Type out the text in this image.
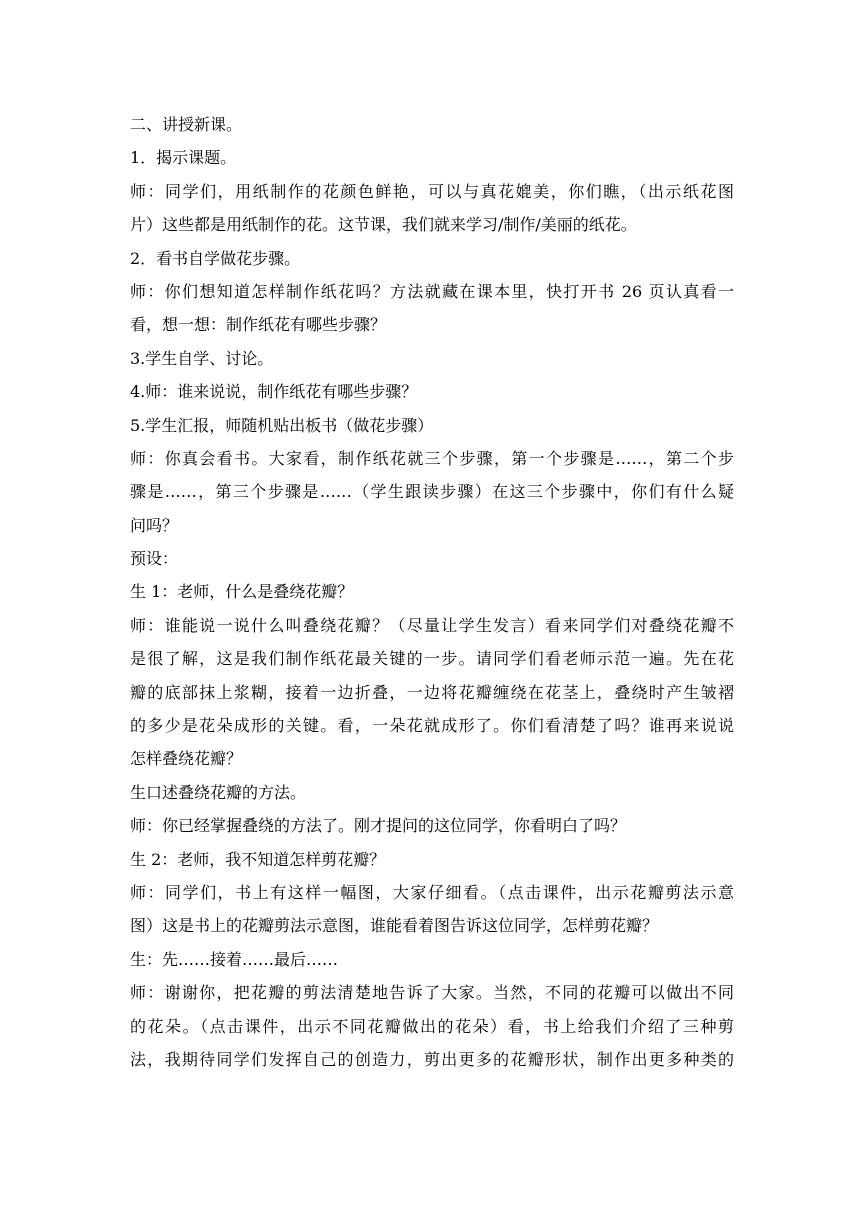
二、讲授新课。
1．揭示课题。
师：同学们，用纸制作的花颜色鲜艳，可以与真花媲美，你们瞧，（出示纸花图
片）这些都是用纸制作的花。这节课，我们就来学习/制作/美丽的纸花。
2．看书自学做花步骤。
师：你们想知道怎样制作纸花吗？方法就藏在课本里，快打开书 26 页认真看一
看，想一想：制作纸花有哪些步骤？
3.学生自学、讨论。
4.师：谁来说说，制作纸花有哪些步骤？
5.学生汇报，师随机贴出板书（做花步骤）
师：你真会看书。大家看，制作纸花就三个步骤，第一个步骤是……，第二个步
骤是……，第三个步骤是……（学生跟读步骤）在这三个步骤中，你们有什么疑
问吗？
预设：
生 1：老师，什么是叠绕花瓣？
师：谁能说一说什么叫叠绕花瓣？（尽量让学生发言）看来同学们对叠绕花瓣不
是很了解，这是我们制作纸花最关键的一步。请同学们看老师示范一遍。先在花
瓣的底部抹上浆糊，接着一边折叠，一边将花瓣缠绕在花茎上，叠绕时产生皱褶
的多少是花朵成形的关键。看，一朵花就成形了。你们看清楚了吗？谁再来说说
怎样叠绕花瓣？
生口述叠绕花瓣的方法。
师：你已经掌握叠绕的方法了。刚才提问的这位同学，你看明白了吗？
生 2：老师，我不知道怎样剪花瓣？
师：同学们，书上有这样一幅图，大家仔细看。（点击课件，出示花瓣剪法示意
图）这是书上的花瓣剪法示意图，谁能看着图告诉这位同学，怎样剪花瓣？
生：先……接着……最后……
师：谢谢你，把花瓣的剪法清楚地告诉了大家。当然，不同的花瓣可以做出不同
的花朵。（点击课件，出示不同花瓣做出的花朵）看，书上给我们介绍了三种剪
法，我期待同学们发挥自己的创造力，剪出更多的花瓣形状，制作出更多种类的
